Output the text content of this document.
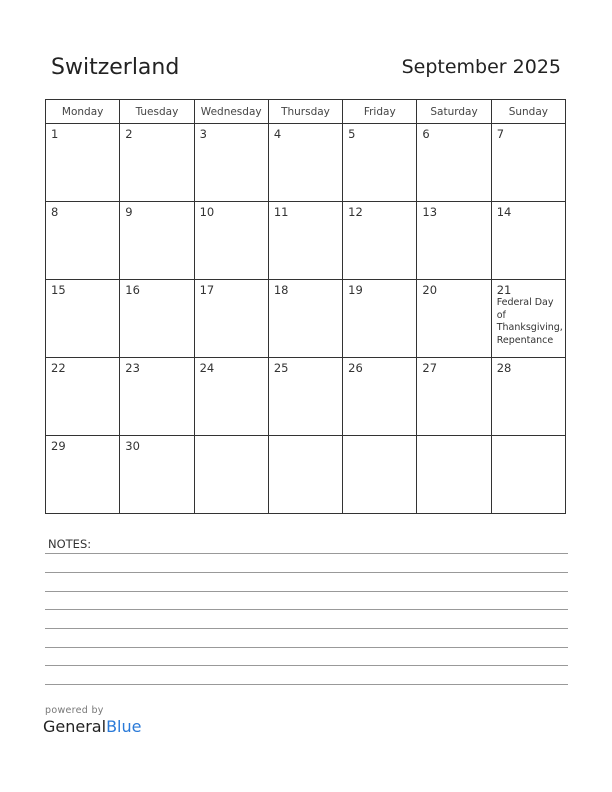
Switzerland	September 2025
Monday	Tuesday	Wednesday	Thursday	Friday	Saturday	Sunday

1	2	3	4	5	6	7

8	9	10	11	12	13	14

15	16	17	18	19	20	21
Federal Day of Thanksgiving, Repentance

22	23	24	25	26	27	28

29	30					

NOTES:
powered by
GeneralBlue
